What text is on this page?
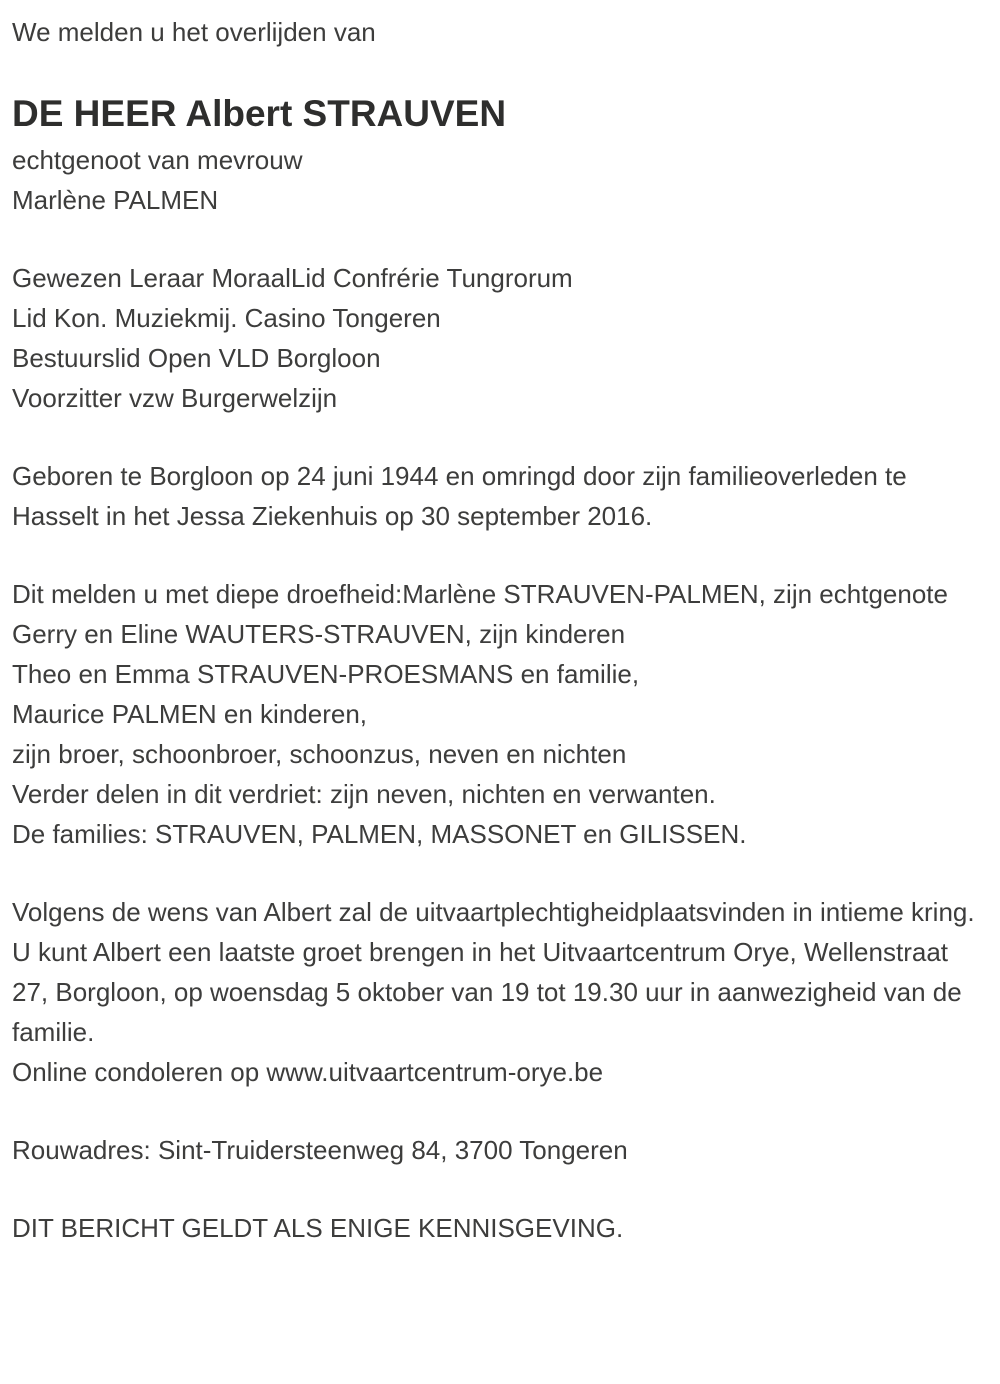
We melden u het overlijden van

DE HEER Albert STRAUVEN

echtgenoot van mevrouw

Marlène PALMEN

Gewezen Leraar MoraalLid Confrérie Tungrorum

Lid Kon. Muziekmij. Casino Tongeren

Bestuurslid Open VLD Borgloon

Voorzitter vzw Burgerwelzijn

Geboren te Borgloon op 24 juni 1944 en omringd door zijn familieoverleden te Hasselt in het Jessa Ziekenhuis op 30 september 2016.

Dit melden u met diepe droefheid:Marlène STRAUVEN-PALMEN, zijn echtgenote

Gerry en Eline WAUTERS-STRAUVEN, zijn kinderen

Theo en Emma STRAUVEN-PROESMANS en familie,

Maurice PALMEN en kinderen,

zijn broer, schoonbroer, schoonzus, neven en nichten

Verder delen in dit verdriet: zijn neven, nichten en verwanten.

De families: STRAUVEN, PALMEN, MASSONET en GILISSEN.

Volgens de wens van Albert zal de uitvaartplechtigheidplaatsvinden in intieme kring.

U kunt Albert een laatste groet brengen in het Uitvaartcentrum Orye, Wellenstraat 27, Borgloon, op woensdag 5 oktober van 19 tot 19.30 uur in aanwezigheid van de familie.

Online condoleren op www.uitvaartcentrum-orye.be

Rouwadres: Sint-Truidersteenweg 84, 3700 Tongeren

DIT BERICHT GELDT ALS ENIGE KENNISGEVING.
